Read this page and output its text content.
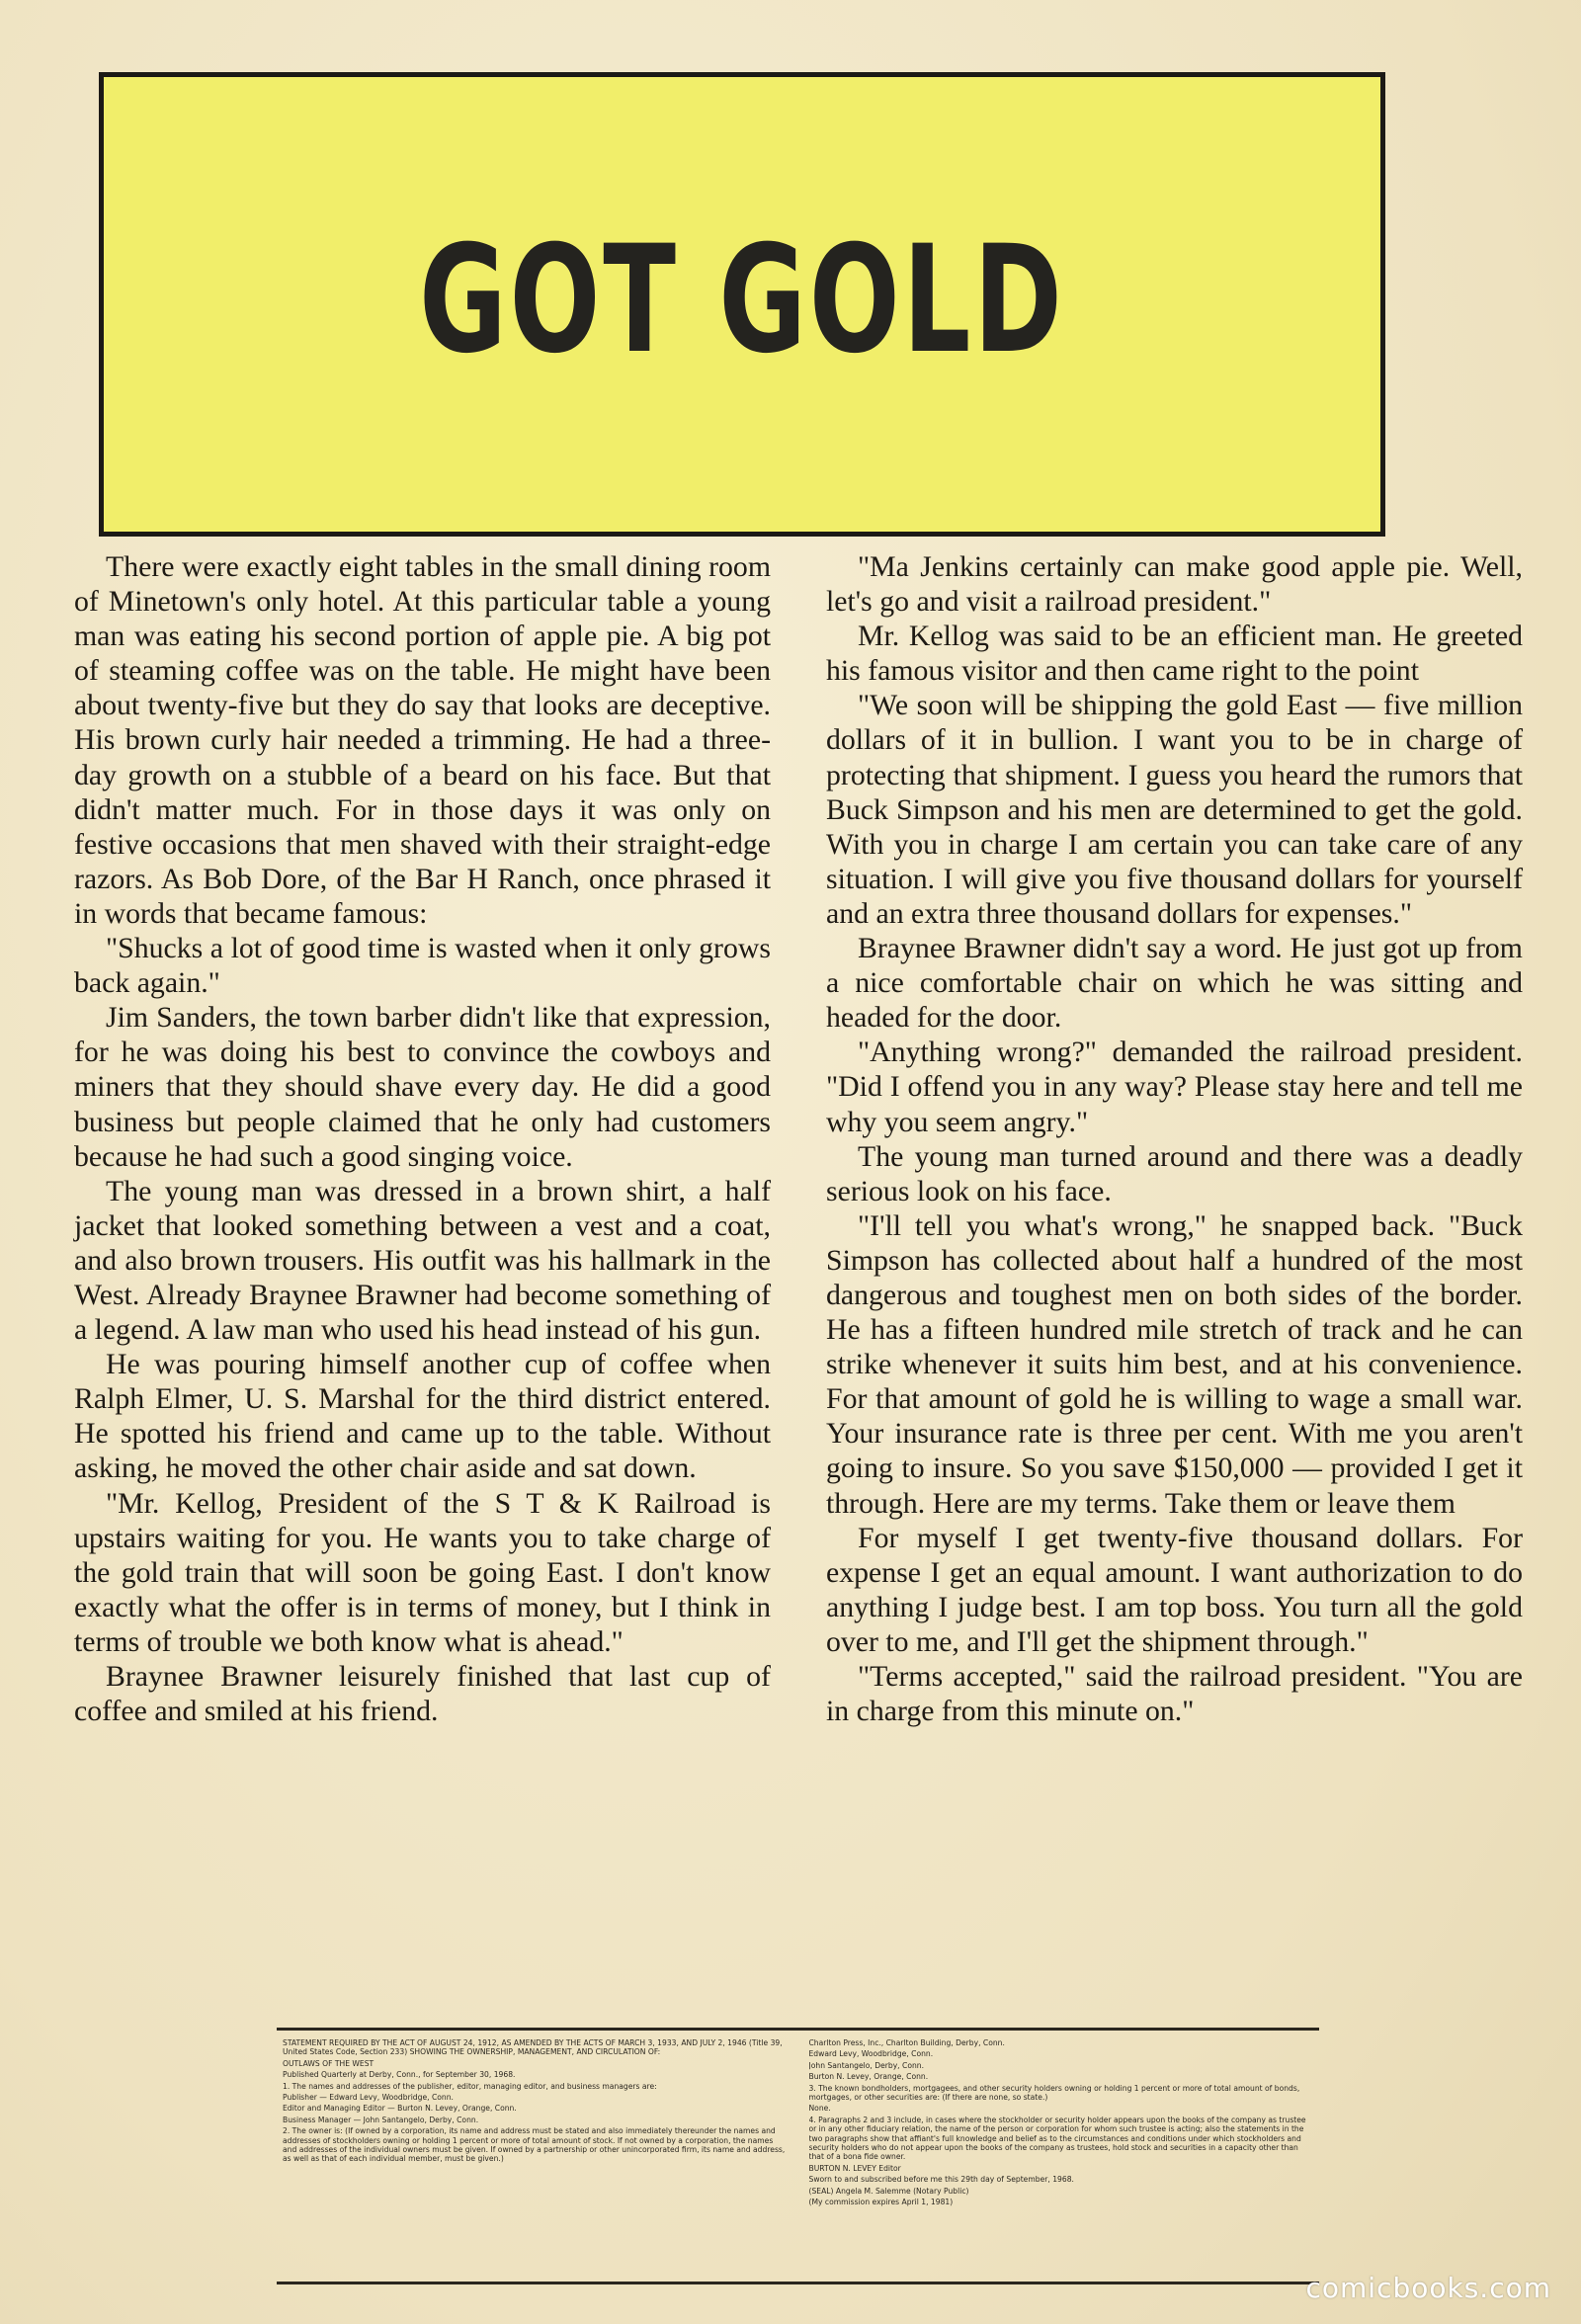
GOT GOLD

There were exactly eight tables in the small dining room of Minetown's only hotel. At this particular table a young man was eating his second portion of apple pie. A big pot of steaming coffee was on the table. He might have been about twenty-five but they do say that looks are deceptive. His brown curly hair needed a trimming. He had a three-day growth on a stubble of a beard on his face. But that didn't matter much. For in those days it was only on festive occasions that men shaved with their straight-edge razors. As Bob Dore, of the Bar H Ranch, once phrased it in words that became famous:

"Shucks a lot of good time is wasted when it only grows back again."

Jim Sanders, the town barber didn't like that expression, for he was doing his best to convince the cowboys and miners that they should shave every day. He did a good business but people claimed that he only had customers because he had such a good singing voice.

The young man was dressed in a brown shirt, a half jacket that looked something between a vest and a coat, and also brown trousers. His outfit was his hallmark in the West. Already Braynee Brawner had become something of a legend. A law man who used his head instead of his gun.

He was pouring himself another cup of coffee when Ralph Elmer, U. S. Marshal for the third district entered. He spotted his friend and came up to the table. Without asking, he moved the other chair aside and sat down.

"Mr. Kellog, President of the S T & K Railroad is upstairs waiting for you. He wants you to take charge of the gold train that will soon be going East. I don't know exactly what the offer is in terms of money, but I think in terms of trouble we both know what is ahead."

Braynee Brawner leisurely finished that last cup of coffee and smiled at his friend.

"Ma Jenkins certainly can make good apple pie. Well, let's go and visit a railroad president."

Mr. Kellog was said to be an efficient man. He greeted his famous visitor and then came right to the point

"We soon will be shipping the gold East — five million dollars of it in bullion. I want you to be in charge of protecting that shipment. I guess you heard the rumors that Buck Simpson and his men are determined to get the gold. With you in charge I am certain you can take care of any situation. I will give you five thousand dollars for yourself and an extra three thousand dollars for expenses."

Braynee Brawner didn't say a word. He just got up from a nice comfortable chair on which he was sitting and headed for the door.

"Anything wrong?" demanded the railroad president. "Did I offend you in any way? Please stay here and tell me why you seem angry."

The young man turned around and there was a deadly serious look on his face.

"I'll tell you what's wrong," he snapped back. "Buck Simpson has collected about half a hundred of the most dangerous and toughest men on both sides of the border. He has a fifteen hundred mile stretch of track and he can strike whenever it suits him best, and at his convenience. For that amount of gold he is willing to wage a small war. Your insurance rate is three per cent. With me you aren't going to insure. So you save $150,000 — provided I get it through. Here are my terms. Take them or leave them

For myself I get twenty-five thousand dollars. For expense I get an equal amount. I want authorization to do anything I judge best. I am top boss. You turn all the gold over to me, and I'll get the shipment through."

"Terms accepted," said the railroad president. "You are in charge from this minute on."

STATEMENT REQUIRED BY THE ACT OF AUGUST 24, 1912, AS AMENDED BY THE ACTS OF MARCH 3, 1933, AND JULY 2, 1946 (Title 39, United States Code, Section 233) SHOWING THE OWNERSHIP, MANAGEMENT, AND CIRCULATION OF:

OUTLAWS OF THE WEST

Published Quarterly at Derby, Conn., for September 30, 1968.

1. The names and addresses of the publisher, editor, managing editor, and business managers are:

Publisher — Edward Levy, Woodbridge, Conn.

Editor and Managing Editor — Burton N. Levey, Orange, Conn.

Business Manager — John Santangelo, Derby, Conn.

2. The owner is: (If owned by a corporation, its name and address must be stated and also immediately thereunder the names and addresses of stockholders owning or holding 1 percent or more of total amount of stock. If not owned by a corporation, the names and addresses of the individual owners must be given. If owned by a partnership or other unincorporated firm, its name and address, as well as that of each individual member, must be given.)

Charlton Press, Inc., Charlton Building, Derby, Conn.

Edward Levy, Woodbridge, Conn.

John Santangelo, Derby, Conn.

Burton N. Levey, Orange, Conn.

3. The known bondholders, mortgagees, and other security holders owning or holding 1 percent or more of total amount of bonds, mortgages, or other securities are: (If there are none, so state.)

None.

4. Paragraphs 2 and 3 include, in cases where the stockholder or security holder appears upon the books of the company as trustee or in any other fiduciary relation, the name of the person or corporation for whom such trustee is acting; also the statements in the two paragraphs show that affiant's full knowledge and belief as to the circumstances and conditions under which stockholders and security holders who do not appear upon the books of the company as trustees, hold stock and securities in a capacity other than that of a bona fide owner.

BURTON N. LEVEY Editor

Sworn to and subscribed before me this 29th day of September, 1968.

(SEAL) Angela M. Salemme (Notary Public)

(My commission expires April 1, 1981)

comicbooks.com
